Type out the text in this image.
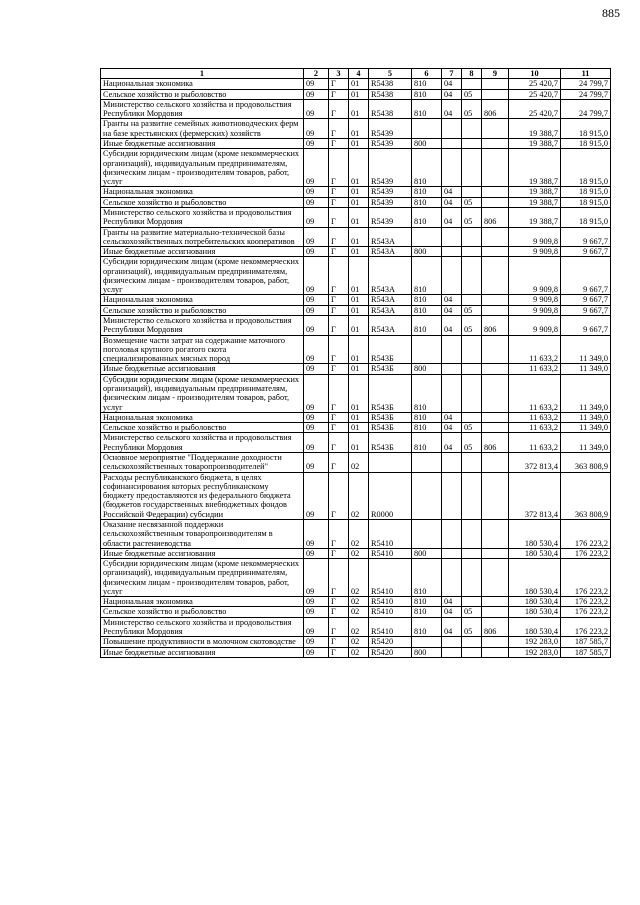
885
1	2	3	4	5	6	7	8	9	10	11
Национальная экономика	09	Г	01	R5438	810	04			25 420,7	24 799,7
Сельское хозяйство и рыболовство	09	Г	01	R5438	810	04	05		25 420,7	24 799,7
Министерство сельского хозяйства и продовольствия Республики Мордовия	09	Г	01	R5438	810	04	05	806	25 420,7	24 799,7
Гранты на развитие семейных животноводческих ферм на базе крестьянских (фермерских) хозяйств	09	Г	01	R5439					19 388,7	18 915,0
Иные бюджетные ассигнования	09	Г	01	R5439	800				19 388,7	18 915,0
Субсидии юридическим лицам (кроме некоммерческих организаций), индивидуальным предпринимателям, физическим лицам - производителям товаров, работ, услуг	09	Г	01	R5439	810				19 388,7	18 915,0
Национальная экономика	09	Г	01	R5439	810	04			19 388,7	18 915,0
Сельское хозяйство и рыболовство	09	Г	01	R5439	810	04	05		19 388,7	18 915,0
Министерство сельского хозяйства и продовольствия Республики Мордовия	09	Г	01	R5439	810	04	05	806	19 388,7	18 915,0
Гранты на развитие материально-технической базы сельскохозяйственных потребительских кооперативов	09	Г	01	R543A					9 909,8	9 667,7
Иные бюджетные ассигнования	09	Г	01	R543A	800				9 909,8	9 667,7
Субсидии юридическим лицам (кроме некоммерческих организаций), индивидуальным предпринимателям, физическим лицам - производителям товаров, работ, услуг	09	Г	01	R543A	810				9 909,8	9 667,7
Национальная экономика	09	Г	01	R543A	810	04			9 909,8	9 667,7
Сельское хозяйство и рыболовство	09	Г	01	R543A	810	04	05		9 909,8	9 667,7
Министерство сельского хозяйства и продовольствия Республики Мордовия	09	Г	01	R543A	810	04	05	806	9 909,8	9 667,7
Возмещение части затрат на содержание маточного поголовья крупного рогатого скота специализированных мясных пород	09	Г	01	R543Б					11 633,2	11 349,0
Иные бюджетные ассигнования	09	Г	01	R543Б	800				11 633,2	11 349,0
Субсидии юридическим лицам (кроме некоммерческих организаций), индивидуальным предпринимателям, физическим лицам - производителям товаров, работ, услуг	09	Г	01	R543Б	810				11 633,2	11 349,0
Национальная экономика	09	Г	01	R543Б	810	04			11 633,2	11 349,0
Сельское хозяйство и рыболовство	09	Г	01	R543Б	810	04	05		11 633,2	11 349,0
Министерство сельского хозяйства и продовольствия Республики Мордовия	09	Г	01	R543Б	810	04	05	806	11 633,2	11 349,0
Основное мероприятие "Поддержание доходности сельскохозяйственных товаропроизводителей"	09	Г	02						372 813,4	363 808,9
Расходы республиканского бюджета, в целях софинансирования которых республиканскому бюджету предоставляются из федерального бюджета (бюджетов государственных внебюджетных фондов Российской Федерации) субсидии	09	Г	02	R0000					372 813,4	363 808,9
Оказание несвязанной поддержки сельскохозяйственным товаропроизводителям в области растениеводства	09	Г	02	R5410					180 530,4	176 223,2
Иные бюджетные ассигнования	09	Г	02	R5410	800				180 530,4	176 223,2
Субсидии юридическим лицам (кроме некоммерческих организаций), индивидуальным предпринимателям, физическим лицам - производителям товаров, работ, услуг	09	Г	02	R5410	810				180 530,4	176 223,2
Национальная экономика	09	Г	02	R5410	810	04			180 530,4	176 223,2
Сельское хозяйство и рыболовство	09	Г	02	R5410	810	04	05		180 530,4	176 223,2
Министерство сельского хозяйства и продовольствия Республики Мордовия	09	Г	02	R5410	810	04	05	806	180 530,4	176 223,2
Повышение продуктивности в молочном скотоводстве	09	Г	02	R5420					192 283,0	187 585,7
Иные бюджетные ассигнования	09	Г	02	R5420	800				192 283,0	187 585,7
